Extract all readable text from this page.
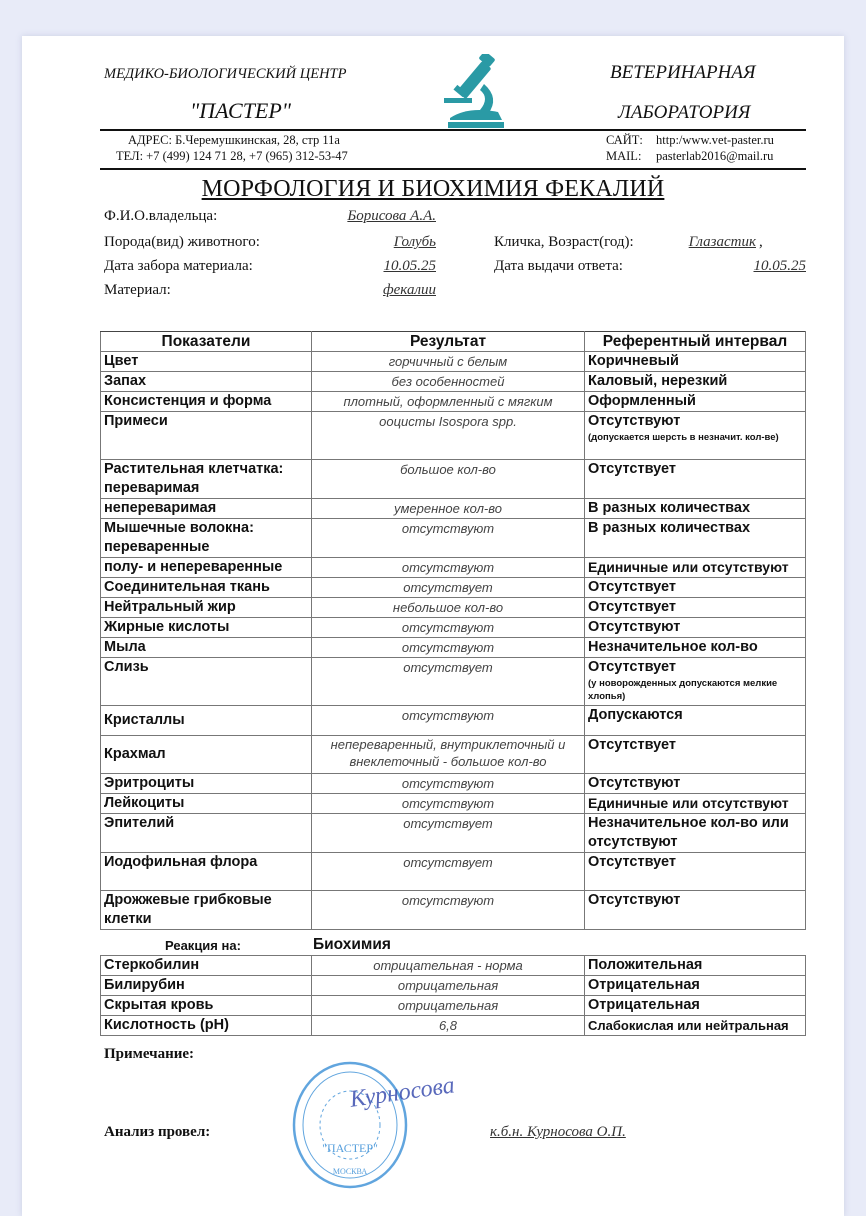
МЕДИКО-БИОЛОГИЧЕСКИЙ ЦЕНТР
"ПАСТЕР"
ВЕТЕРИНАРНАЯ
ЛАБОРАТОРИЯ
АДРЕС: Б.Черемушкинская, 28, стр 11а
ТЕЛ: +7 (499) 124 71 28, +7 (965) 312-53-47
САЙТ: http:/www.vet-paster.ru
MAIL: pasterlab2016@mail.ru
МОРФОЛОГИЯ И БИОХИМИЯ ФЕКАЛИЙ
Ф.И.О.владельца:	Борисова А.А.
Порода(вид) животного:	Голубь	Кличка, Возраст(год):	Глазастик ,
Дата забора материала:	10.05.25	Дата выдачи ответа:	10.05.25
Материал:	фекалии
Показатели	Результат	Референтный интервал
Цвет	горчичный с белым	Коричневый
Запах	без особенностей	Каловый, нерезкий
Консистенция и форма	плотный, оформленный с мягким	Оформленный
Примеси	ооцисты Isospora spp.	Отсутствуют
(допускается шерсть в незначит. кол-ве)

Растительная клетчатка: переваримая	большое кол-во	Отсутствует
непереваримая	умеренное кол-во	В разных количествах
Мышечные волокна: переваренные	отсутствуют	В разных количествах
полу- и непереваренные	отсутствуют	Единичные или отсутствуют
Соединительная ткань	отсутствует	Отсутствует
Нейтральный жир	небольшое кол-во	Отсутствует
Жирные кислоты	отсутствуют	Отсутствуют
Мыла	отсутствуют	Незначительное кол-во
Слизь	отсутствует	Отсутствует
(у новорожденных допускаются мелкие хлопья)

Кристаллы	отсутствуют	Допускаются
Крахмал	непереваренный, внутриклеточный и внеклеточный - большое кол-во	Отсутствует
Эритроциты	отсутствуют	Отсутствуют
Лейкоциты	отсутствуют	Единичные или отсутствуют
Эпителий	отсутствует	Незначительное кол-во или отсутствуют
Иодофильная флора	отсутствует	Отсутствует
Дрожжевые грибковые клетки	отсутствуют	Отсутствуют
Реакция на:	Биохимия
Стеркобилин	отрицательная - норма	Положительная
Билирубин	отрицательная	Отрицательная
Скрытая кровь	отрицательная	Отрицательная
Кислотность (pH)	6,8	Слабокислая или нейтральная
Примечание:
Анализ провел:
"ПАСТЕР"
МОСКВА
Курносова
к.б.н. Курносова О.П.
